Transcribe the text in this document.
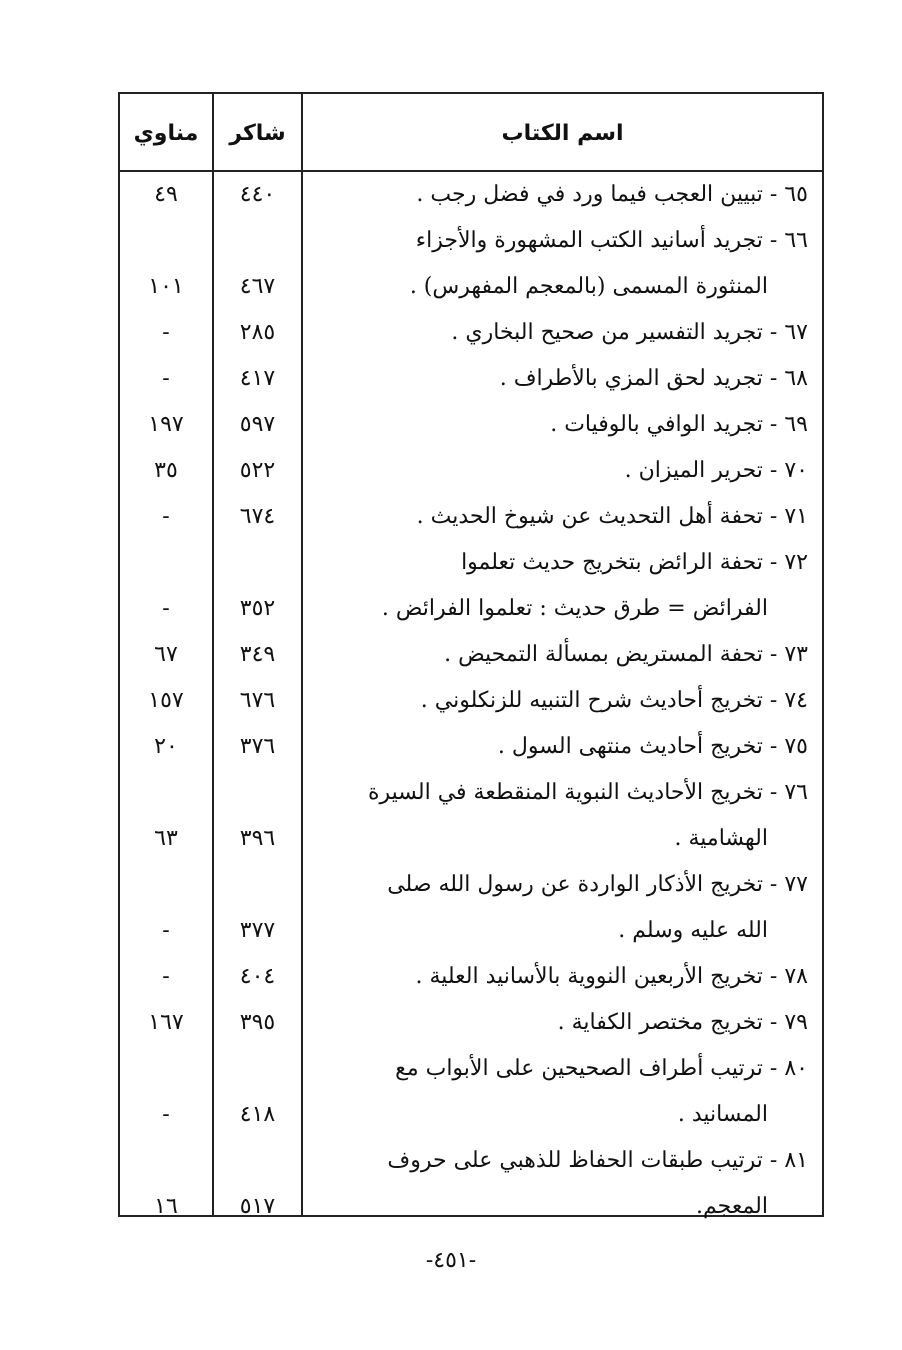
اسم الكتاب
شاكر
مناوي
٦٥ - تبيين العجب فيما ورد في فضل رجب .
٤٤٠
٤٩
٦٦ - تجريد أسانيد الكتب المشهورة والأجزاء
المنثورة المسمى (بالمعجم المفهرس) .
٤٦٧
١٠١
٦٧ - تجريد التفسير من صحيح البخاري .
٢٨٥
-
٦٨ - تجريد لحق المزي بالأطراف .
٤١٧
-
٦٩ - تجريد الوافي بالوفيات .
٥٩٧
١٩٧
٧٠ - تحرير الميزان .
٥٢٢
٣٥
٧١ - تحفة أهل التحديث عن شيوخ الحديث .
٦٧٤
-
٧٢ - تحفة الرائض بتخريج حديث تعلموا
الفرائض = طرق حديث : تعلموا الفرائض .
٣٥٢
-
٧٣ - تحفة المستريض بمسألة التمحيض .
٣٤٩
٦٧
٧٤ - تخريج أحاديث شرح التنبيه للزنكلوني .
٦٧٦
١٥٧
٧٥ - تخريج أحاديث منتهى السول .
٣٧٦
٢٠
٧٦ - تخريج الأحاديث النبوية المنقطعة في السيرة
الهشامية .
٣٩٦
٦٣
٧٧ - تخريج الأذكار الواردة عن رسول الله صلى
الله عليه وسلم .
٣٧٧
-
٧٨ - تخريج الأربعين النووية بالأسانيد العلية .
٤٠٤
-
٧٩ - تخريج مختصر الكفاية .
٣٩٥
١٦٧
٨٠ - ترتيب أطراف الصحيحين على الأبواب مع
المسانيد .
٤١٨
-
٨١ - ترتيب طبقات الحفاظ للذهبي على حروف
المعجم.
٥١٧
١٦
-٤٥١-
